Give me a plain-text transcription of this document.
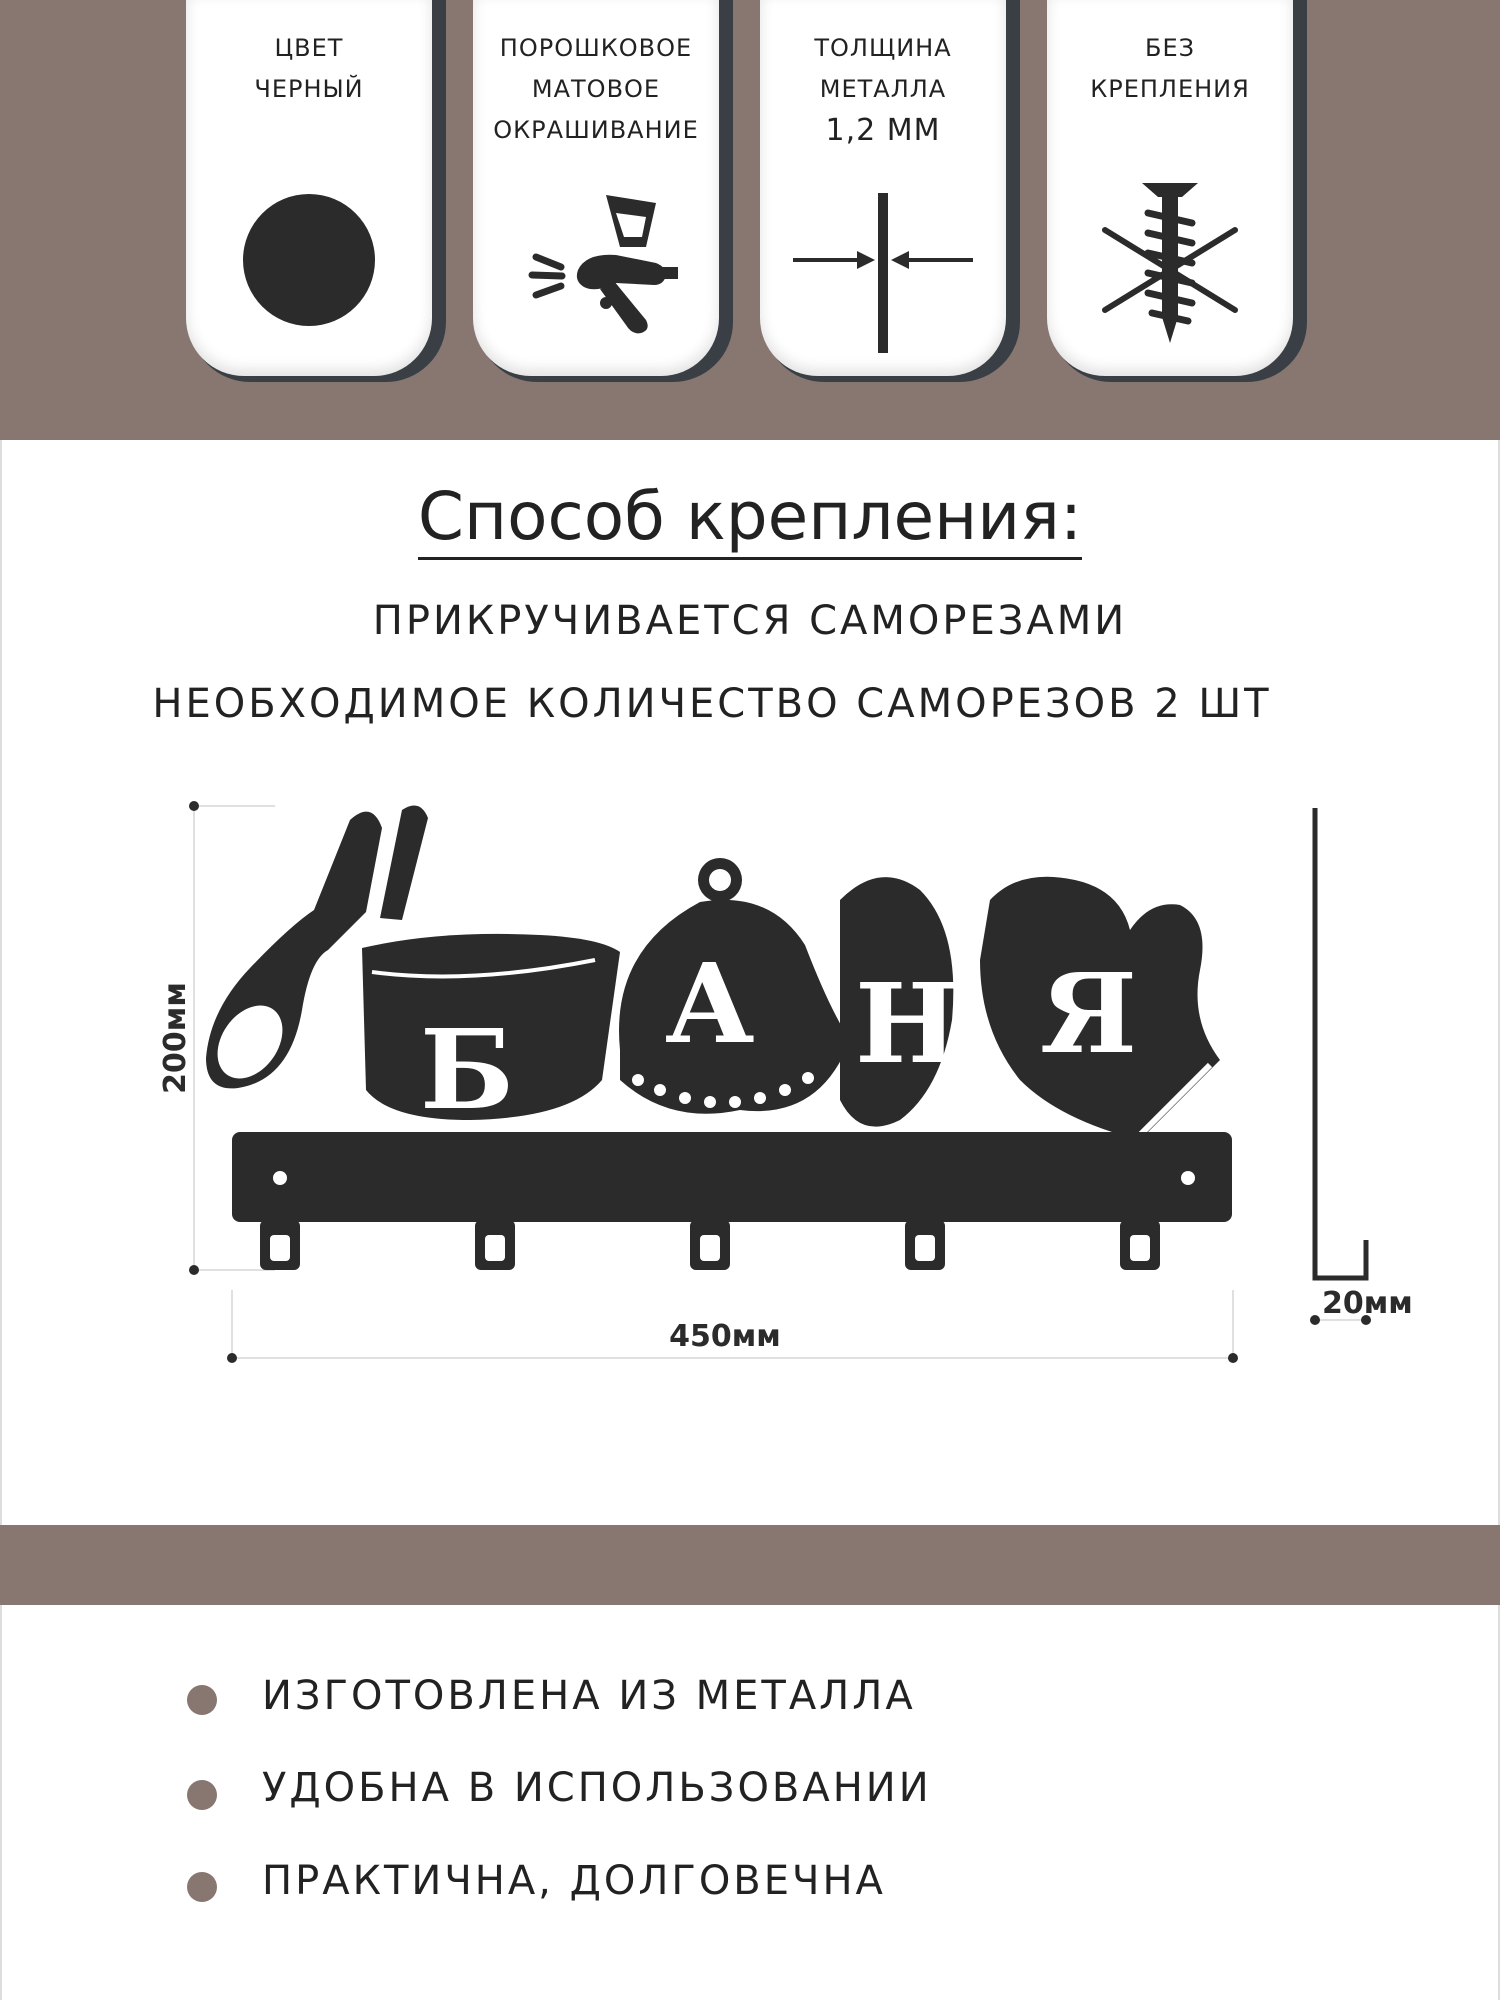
ЦВЕТ
ЧЕРНЫЙ
ПОРОШКОВОЕ
МАТОВОЕ
ОКРАШИВАНИЕ
ТОЛЩИНА
МЕТАЛЛА
1,2 ММ
БЕЗ
КРЕПЛЕНИЯ
Способ крепления:
ПРИКРУЧИВАЕТСЯ САМОРЕЗАМИ
НЕОБХОДИМОЕ КОЛИЧЕСТВО САМОРЕЗОВ 2 ШТ
200мм
450мм
20мм
Б
А Н Я
ИЗГОТОВЛЕНА ИЗ МЕТАЛЛА
УДОБНА В ИСПОЛЬЗОВАНИИ
ПРАКТИЧНА, ДОЛГОВЕЧНА
